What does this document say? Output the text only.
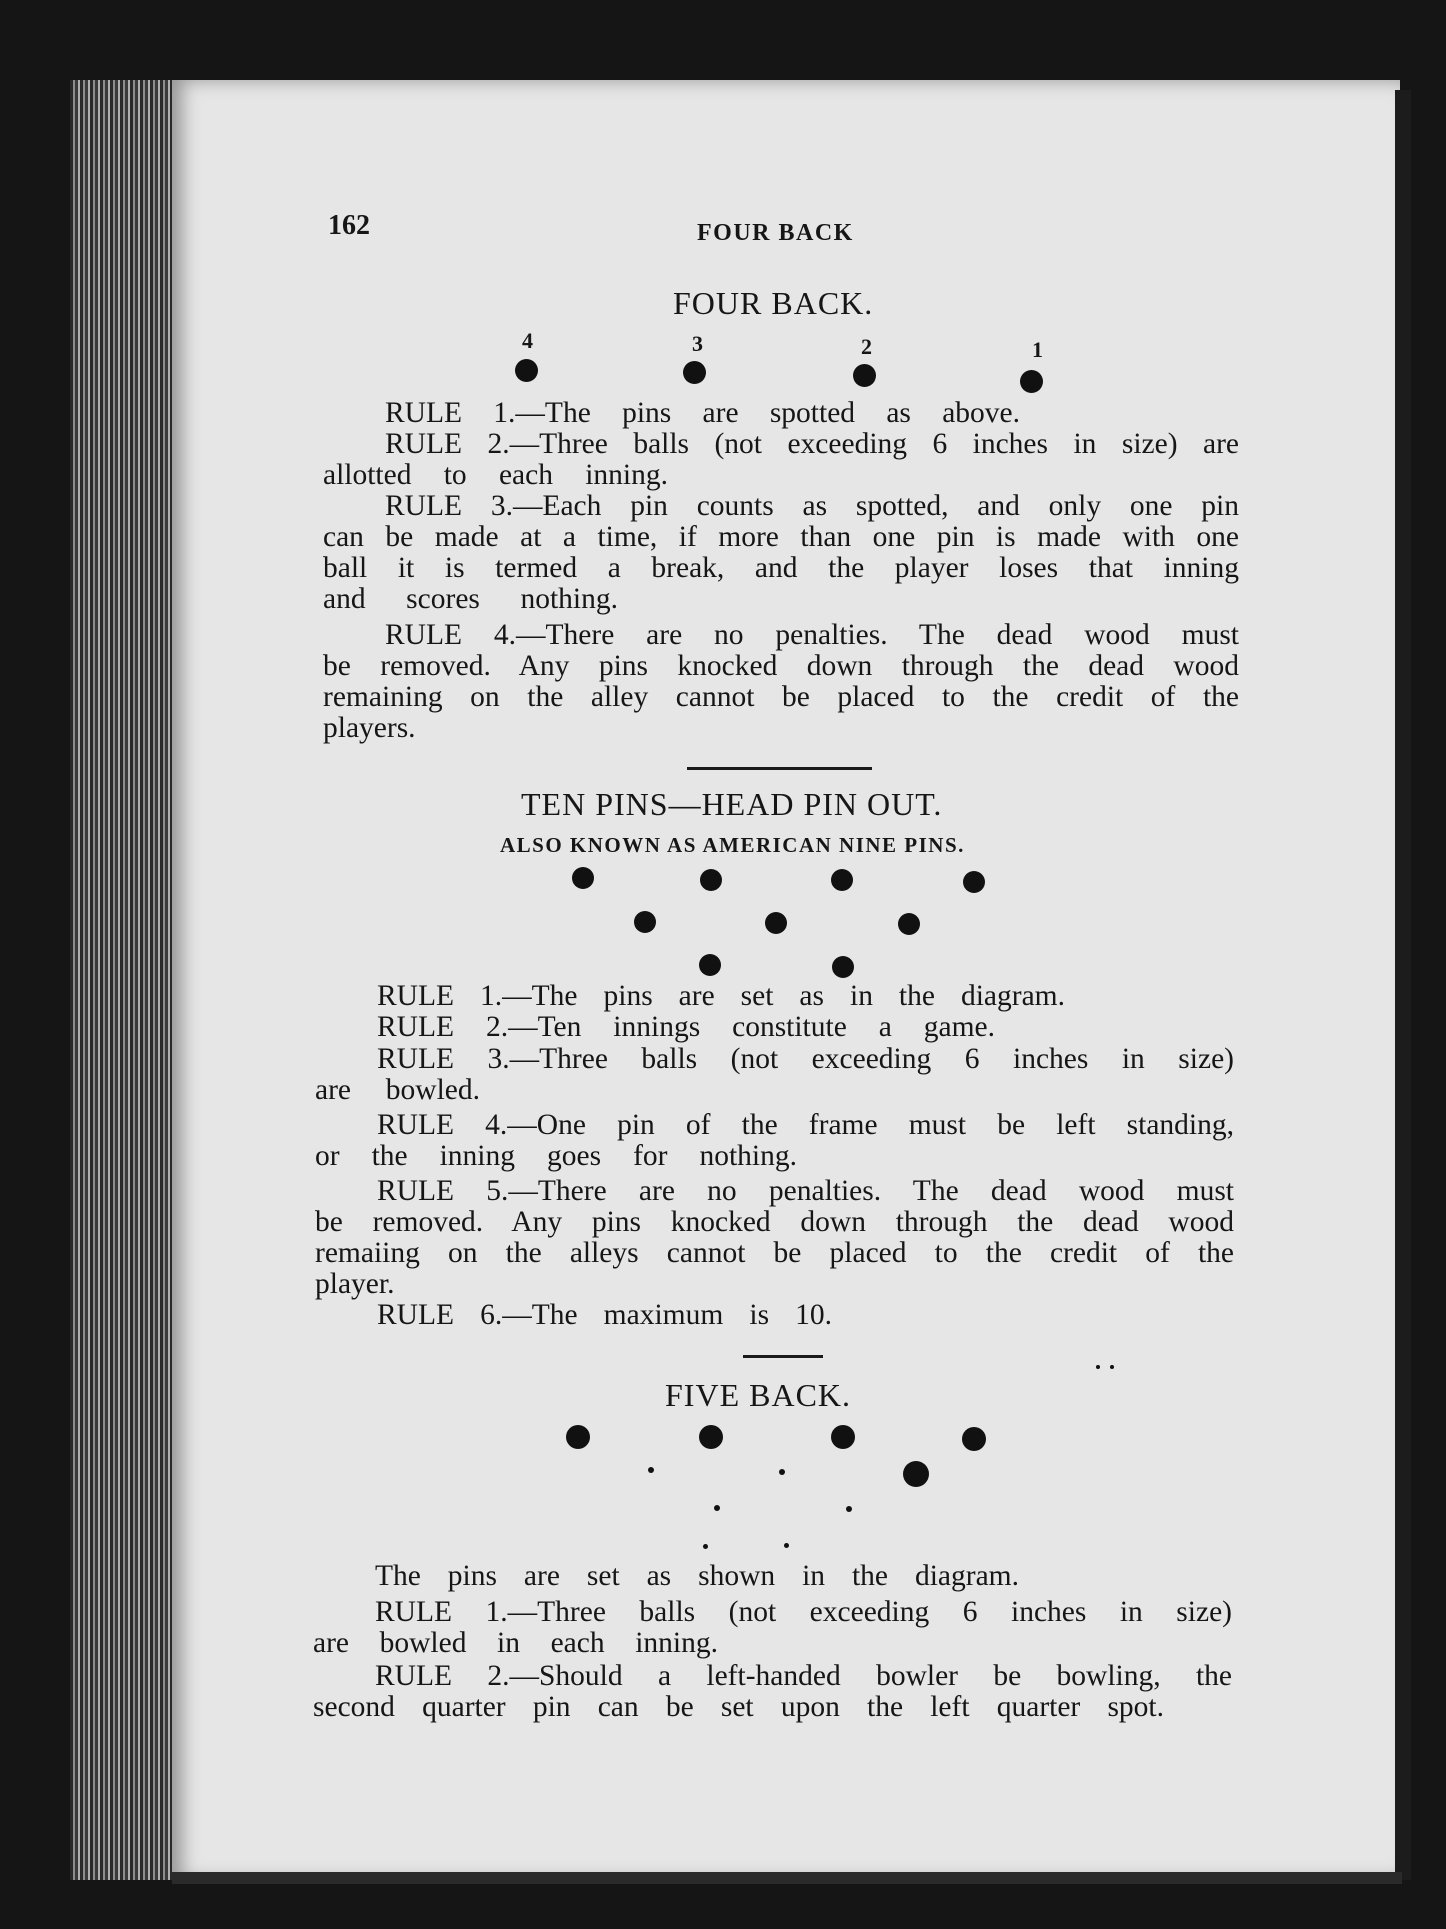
162	FOUR BACK
FOUR BACK.
4	3	2	1
RULE 1.—The pins are spotted as above.
RULE 2.—Three balls (not exceeding 6 inches in size) are
allotted to each inning.
RULE 3.—Each pin counts as spotted, and only one pin
can be made at a time, if more than one pin is made with one
ball it is termed a break, and the player loses that inning
and scores nothing.
RULE 4.—There are no penalties. The dead wood must
be removed. Any pins knocked down through the dead wood
remaining on the alley cannot be placed to the credit of the
players.
TEN PINS—HEAD PIN OUT.
ALSO KNOWN AS AMERICAN NINE PINS.
RULE 1.—The pins are set as in the diagram.
RULE 2.—Ten innings constitute a game.
RULE 3.—Three balls (not exceeding 6 inches in size)
are bowled.
RULE 4.—One pin of the frame must be left standing,
or the inning goes for nothing.
RULE 5.—There are no penalties. The dead wood must
be removed. Any pins knocked down through the dead wood
remaiing on the alleys cannot be placed to the credit of the
player.
RULE 6.—The maximum is 10.
FIVE BACK.
The pins are set as shown in the diagram.
RULE 1.—Three balls (not exceeding 6 inches in size)
are bowled in each inning.
RULE 2.—Should a left-handed bowler be bowling, the
second quarter pin can be set upon the left quarter spot.
